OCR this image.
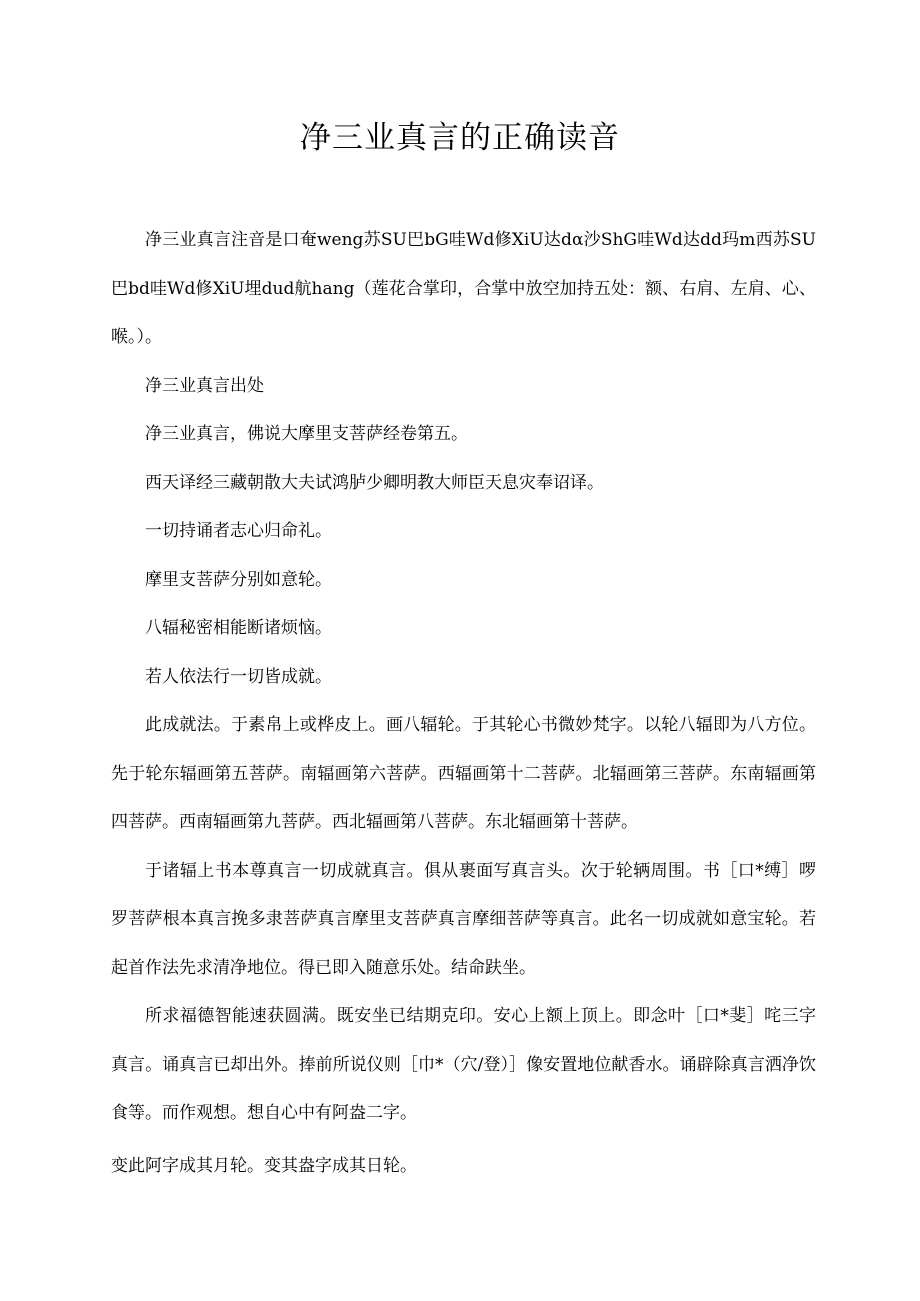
净三业真言的正确读音

净三业真言注音是口奄weng苏SU巴bG哇Wd修XiU达dα沙ShG哇Wd达dd玛m西苏SU巴bd哇Wd修XiU埋dud航hang（莲花合掌印，合掌中放空加持五处：额、右肩、左肩、心、喉。）。

净三业真言出处

净三业真言，佛说大摩里支菩萨经卷第五。

西天译经三藏朝散大夫试鸿胪少卿明教大师臣天息灾奉诏译。

一切持诵者志心归命礼。

摩里支菩萨分别如意轮。

八辐秘密相能断诸烦恼。

若人依法行一切皆成就。

此成就法。于素帛上或桦皮上。画八辐轮。于其轮心书微妙梵字。以轮八辐即为八方位。先于轮东辐画第五菩萨。南辐画第六菩萨。西辐画第十二菩萨。北辐画第三菩萨。东南辐画第四菩萨。西南辐画第九菩萨。西北辐画第八菩萨。东北辐画第十菩萨。

于诸辐上书本尊真言一切成就真言。俱从裹面写真言头。次于轮辆周围。书［口*缚］啰罗菩萨根本真言挽多隶菩萨真言摩里支菩萨真言摩细菩萨等真言。此名一切成就如意宝轮。若起首作法先求清净地位。得已即入随意乐处。结命趺坐。

所求福德智能速获圆满。既安坐已结期克印。安心上额上顶上。即念叶［口*斐］咤三字真言。诵真言已却出外。捧前所说仪则［巾*（穴/登）］像安置地位献香水。诵辟除真言洒净饮食等。而作观想。想自心中有阿盎二字。

变此阿字成其月轮。变其盎字成其日轮。
